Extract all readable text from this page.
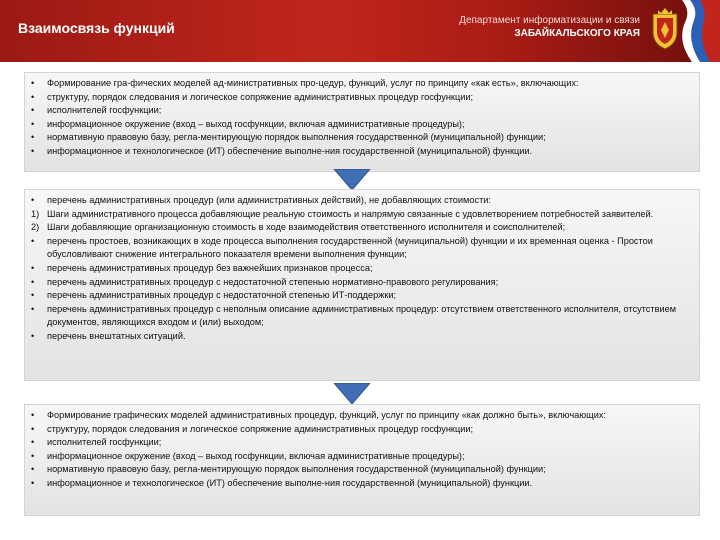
Взаимосвязь функций	Департамент информатизации и связи
ЗАБАЙКАЛЬСКОГО КРАЯ
• Формирование гра-фических моделей ад-министративных про-цедур, функций, услуг по принципу «как есть», включающих:
• структуру, порядок следования и логическое сопряжение административных процедур госфункции;
• исполнителей госфункции;
• информационное окружение (вход – выход госфункции, включая административные процедуры);
• нормативную правовую базу, регла-ментирующую порядок выполнения государственной (муниципальной) функции;
• информационное и технологическое (ИТ) обеспечение выполне-ния государственной (муниципальной) функции.
• перечень административных процедур (или административных действий), не добавляющих стоимости:
1) Шаги административного процесса добавляющие реальную стоимость и напрямую связанные с удовлетворением потребностей заявителей.
2) Шаги добавляющие организационную стоимость в ходе взаимодействия ответственного исполнителя и соисполнителей;
• перечень простоев, возникающих в ходе процесса выполнения государственной (муниципальной) функции и их временная оценка - Простои обусловливают снижение интегрального показателя времени выполнения функции;
• перечень административных процедур без важнейших признаков процесса;
• перечень административных процедур с недостаточной степенью нормативно-правового регулирования;
• перечень административных процедур с недостаточной степенью ИТ-поддержки;
• перечень административных процедур с неполным описание административных процедур: отсутствием ответственного исполнителя, отсутствием документов, являющихся входом и (или) выходом;
• перечень внештатных ситуаций.
• Формирование графических моделей административных процедур, функций, услуг по принципу «как должно быть», включающих:
• структуру, порядок следования и логическое сопряжение административных процедур госфункции;
• исполнителей госфункции;
• информационное окружение (вход – выход госфункции, включая административные процедуры);
• нормативную правовую базу, регла-ментирующую порядок выполнения государственной (муниципальной) функции;
• информационное и технологическое (ИТ) обеспечение выполне-ния государственной (муниципальной) функции.
